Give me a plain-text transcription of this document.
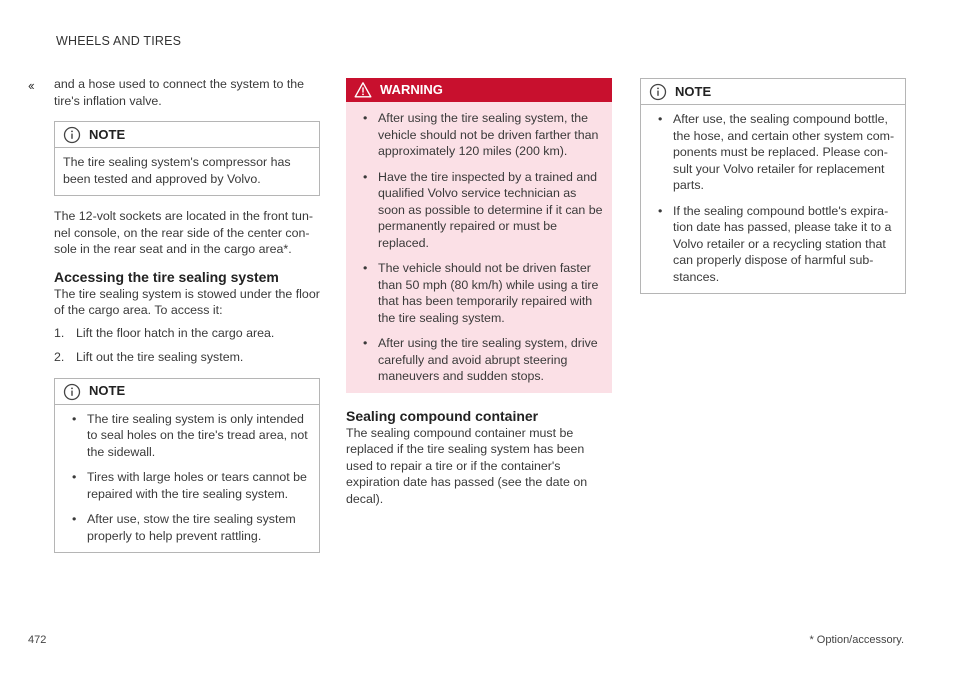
WHEELS AND TIRES
‹‹ and a hose used to connect the system to the tire's inflation valve.

NOTE

The tire sealing system's compressor has been tested and approved by Volvo.

The 12-volt sockets are located in the front tunnel console, on the rear side of the center console in the rear seat and in the cargo area*.

Accessing the tire sealing system

The tire sealing system is stowed under the floor of the cargo area. To access it:

1. Lift the floor hatch in the cargo area.
2. Lift out the tire sealing system.
NOTE
• The tire sealing system is only intended to seal holes on the tire's tread area, not the sidewall.
• Tires with large holes or tears cannot be repaired with the tire sealing system.
• After use, stow the tire sealing system properly to help prevent rattling.
WARNING
• After using the tire sealing system, the vehicle should not be driven farther than approximately 120 miles (200 km).
• Have the tire inspected by a trained and qualified Volvo service technician as soon as possible to determine if it can be permanently repaired or must be replaced.
• The vehicle should not be driven faster than 50 mph (80 km/h) while using a tire that has been temporarily repaired with the tire sealing system.
• After using the tire sealing system, drive carefully and avoid abrupt steering maneuvers and sudden stops.
Sealing compound container

The sealing compound container must be replaced if the tire sealing system has been used to repair a tire or if the container's expiration date has passed (see the date on decal).

NOTE
• After use, the sealing compound bottle, the hose, and certain other system components must be replaced. Please consult your Volvo retailer for replacement parts.
• If the sealing compound bottle's expiration date has passed, please take it to a Volvo retailer or a recycling station that can properly dispose of harmful substances.
472	* Option/accessory.
